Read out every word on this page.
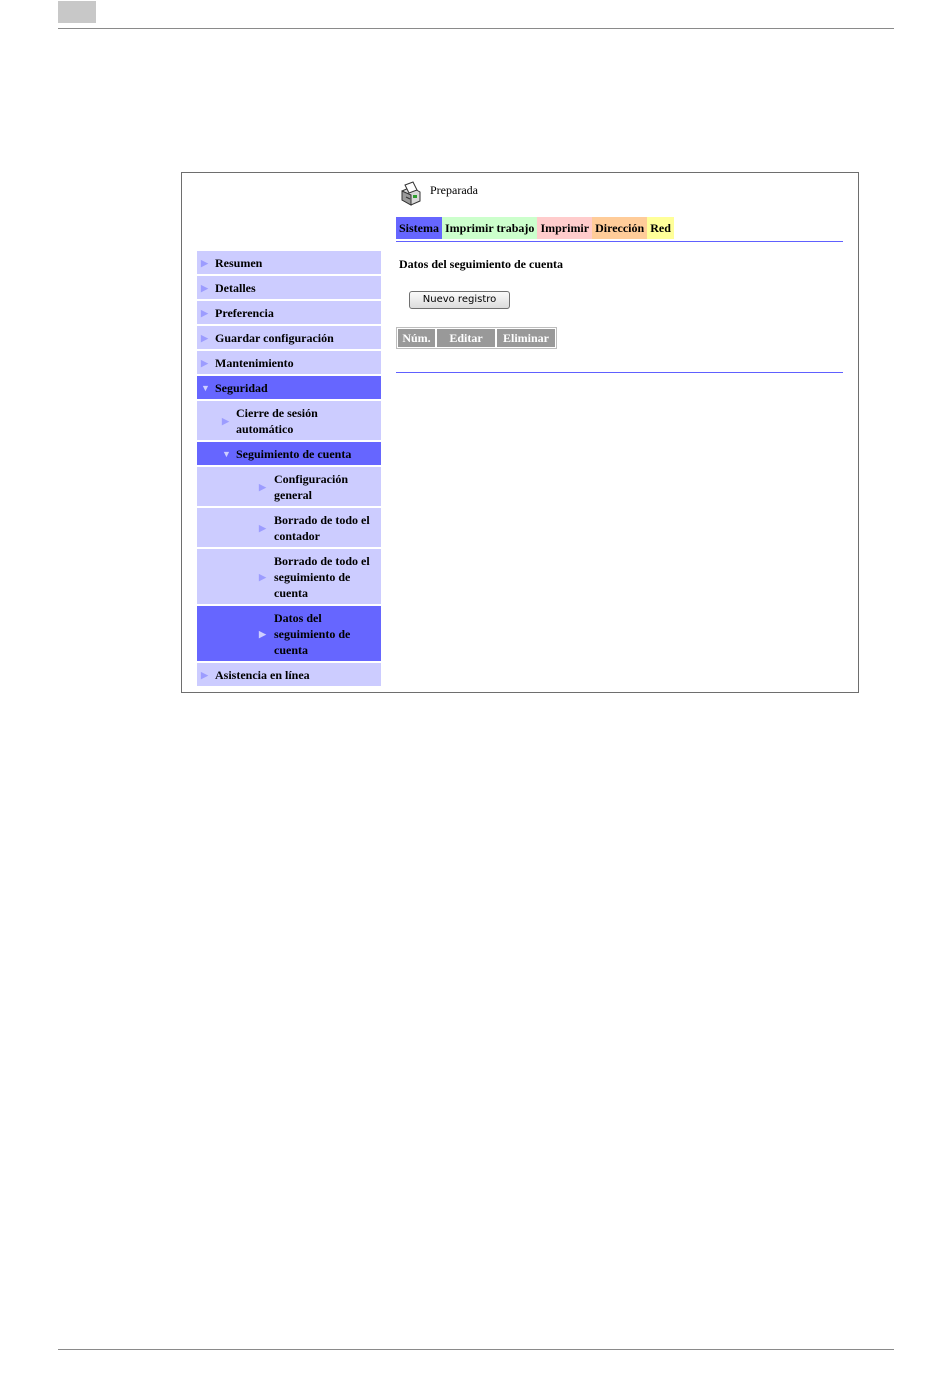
Preparada
Sistema Imprimir trabajo Imprimir Dirección Red
▶ Resumen
▶ Detalles
▶ Preferencia
▶ Guardar configuración
▶ Mantenimiento
▼ Seguridad
▶
Cierre de sesión automático
▼ Seguimiento de cuenta
▶
Configuración general
▶
Borrado de todo el contador
▶
Borrado de todo el seguimiento de cuenta
▶
Datos del seguimiento de cuenta
▶ Asistencia en línea
Datos del seguimiento de cuenta
Nuevo registro
Núm.	Editar	Eliminar
